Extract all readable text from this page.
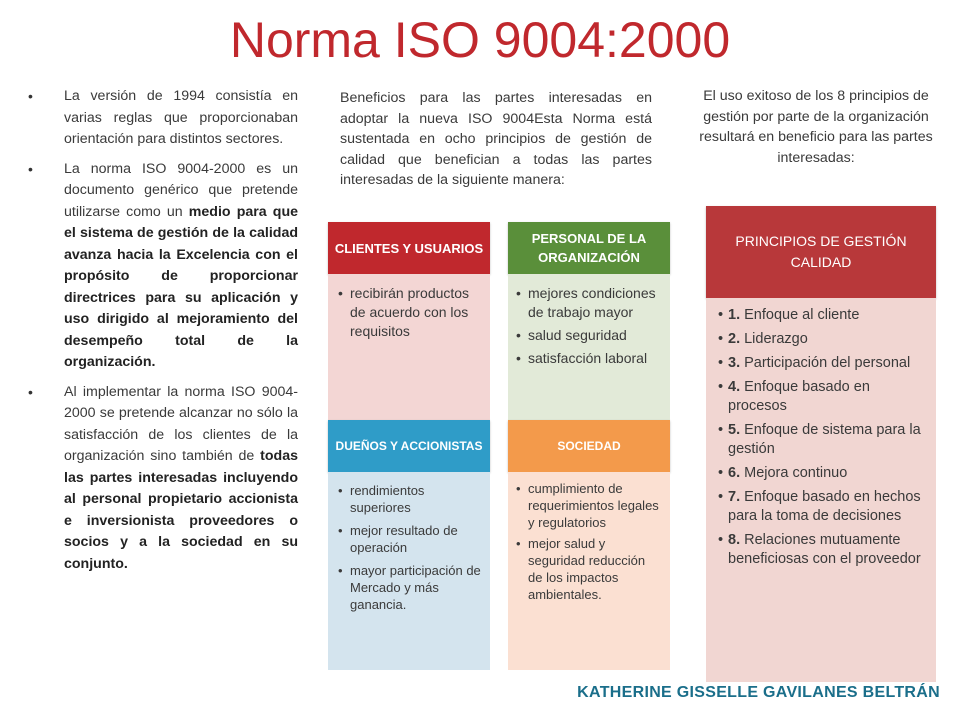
Norma ISO 9004:2000
• La versión de 1994 consistía en varias reglas que proporcionaban orientación para distintos sectores.
• La norma ISO 9004-2000 es un documento genérico que pretende utilizarse como un medio para que el sistema de gestión de la calidad avanza hacia la Excelencia con el propósito de proporcionar directrices para su aplicación y uso dirigido al mejoramiento del desempeño total de la organización.
• Al implementar la norma ISO 9004-2000 se pretende alcanzar no sólo la satisfacción de los clientes de la organización sino también de todas las partes interesadas incluyendo al personal propietario accionista e inversionista proveedores o socios y a la sociedad en su conjunto.
Beneficios para las partes interesadas en adoptar la nueva ISO 9004Esta Norma está sustentada en ocho principios de gestión de calidad que benefician a todas las partes interesadas de la siguiente manera:
El uso exitoso de los 8 principios de gestión por parte de la organización resultará en beneficio para las partes interesadas:
CLIENTES Y USUARIOS
• recibirán productos de acuerdo con los requisitos
PERSONAL DE LA ORGANIZACIÓN
• mejores condiciones de trabajo mayor
• salud seguridad
• satisfacción laboral
DUEÑOS Y ACCIONISTAS
• rendimientos superiores
• mejor resultado de operación
• mayor participación de Mercado y más ganancia.
SOCIEDAD
• cumplimiento de requerimientos legales y regulatorios
• mejor salud y seguridad reducción de los impactos ambientales.
PRINCIPIOS DE GESTIÓN CALIDAD
• 1. Enfoque al cliente
• 2. Liderazgo
• 3. Participación del personal
• 4. Enfoque basado en procesos
• 5. Enfoque de sistema para la gestión
• 6. Mejora continuo
• 7. Enfoque basado en hechos para la toma de decisiones
• 8. Relaciones mutuamente beneficiosas con el proveedor
KATHERINE GISSELLE GAVILANES BELTRÁN
